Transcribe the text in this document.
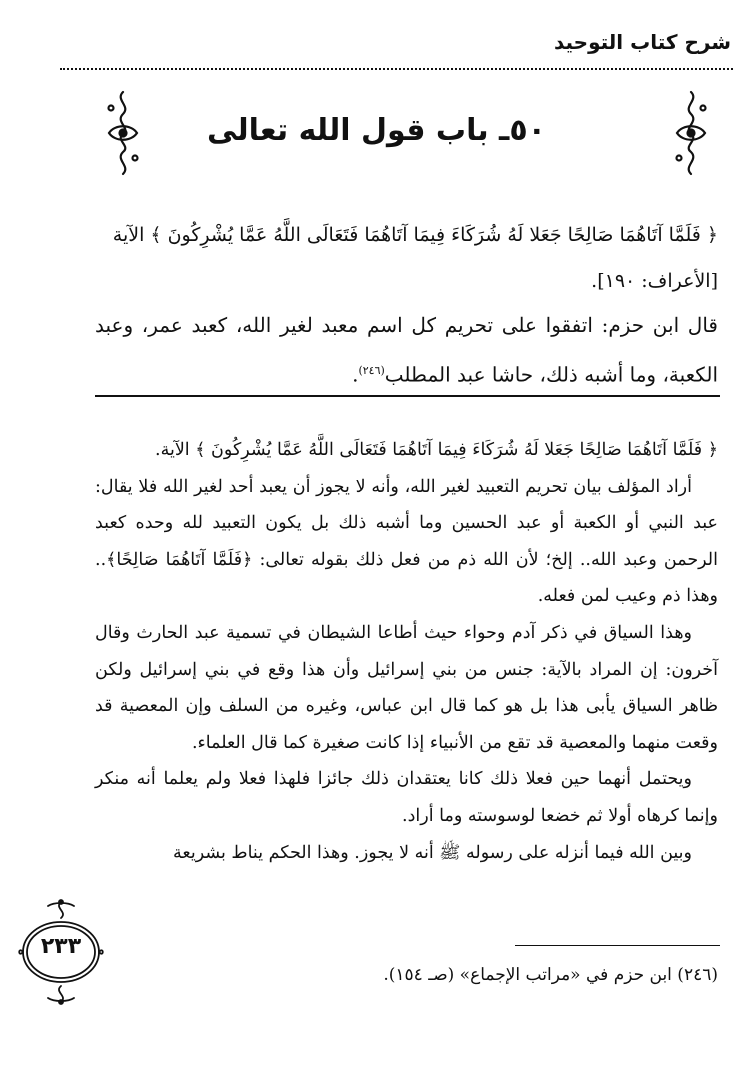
شرح كتاب التوحيد
٥٠ـ باب قول الله تعالى
﴿ فَلَمَّا آتَاهُمَا صَالِحًا جَعَلا لَهُ شُرَكَاءَ فِيمَا آتَاهُمَا فَتَعَالَى اللَّهُ عَمَّا يُشْرِكُونَ ﴾ الآية
[الأعراف: ١٩٠].
قال ابن حزم: اتفقوا على تحريم كل اسم معبد لغير الله، كعبد عمر، وعبد الكعبة، وما أشبه ذلك، حاشا عبد المطلب$^{(٢٤٦)}$.

﴿ فَلَمَّا آتَاهُمَا صَالِحًا جَعَلا لَهُ شُرَكَاءَ فِيمَا آتَاهُمَا فَتَعَالَى اللَّهُ عَمَّا يُشْرِكُونَ ﴾ الآية.

أراد المؤلف بيان تحريم التعبيد لغير الله، وأنه لا يجوز أن يعبد أحد لغير الله فلا يقال: عبد النبي أو الكعبة أو عبد الحسين وما أشبه ذلك بل يكون التعبيد لله وحده كعبد الرحمن وعبد الله.. إلخ؛ لأن الله ذم من فعل ذلك بقوله تعالى: ﴿فَلَمَّا آتَاهُمَا صَالِحًا﴾.. وهذا ذم وعيب لمن فعله.

وهذا السياق في ذكر آدم وحواء حيث أطاعا الشيطان في تسمية عبد الحارث وقال آخرون: إن المراد بالآية: جنس من بني إسرائيل وأن هذا وقع في بني إسرائيل ولكن ظاهر السياق يأبى هذا بل هو كما قال ابن عباس، وغيره من السلف وإن المعصية قد وقعت منهما والمعصية قد تقع من الأنبياء إذا كانت صغيرة كما قال العلماء.

ويحتمل أنهما حين فعلا ذلك كانا يعتقدان ذلك جائزا فلهذا فعلا ولم يعلما أنه منكر وإنما كرهاه أولا ثم خضعا لوسوسته وما أراد.

وبين الله فيما أنزله على رسوله ﷺ أنه لا يجوز. وهذا الحكم يناط بشريعة

٢٣٣
(٢٤٦) ابن حزم في «مراتب الإجماع» (صـ ١٥٤).
